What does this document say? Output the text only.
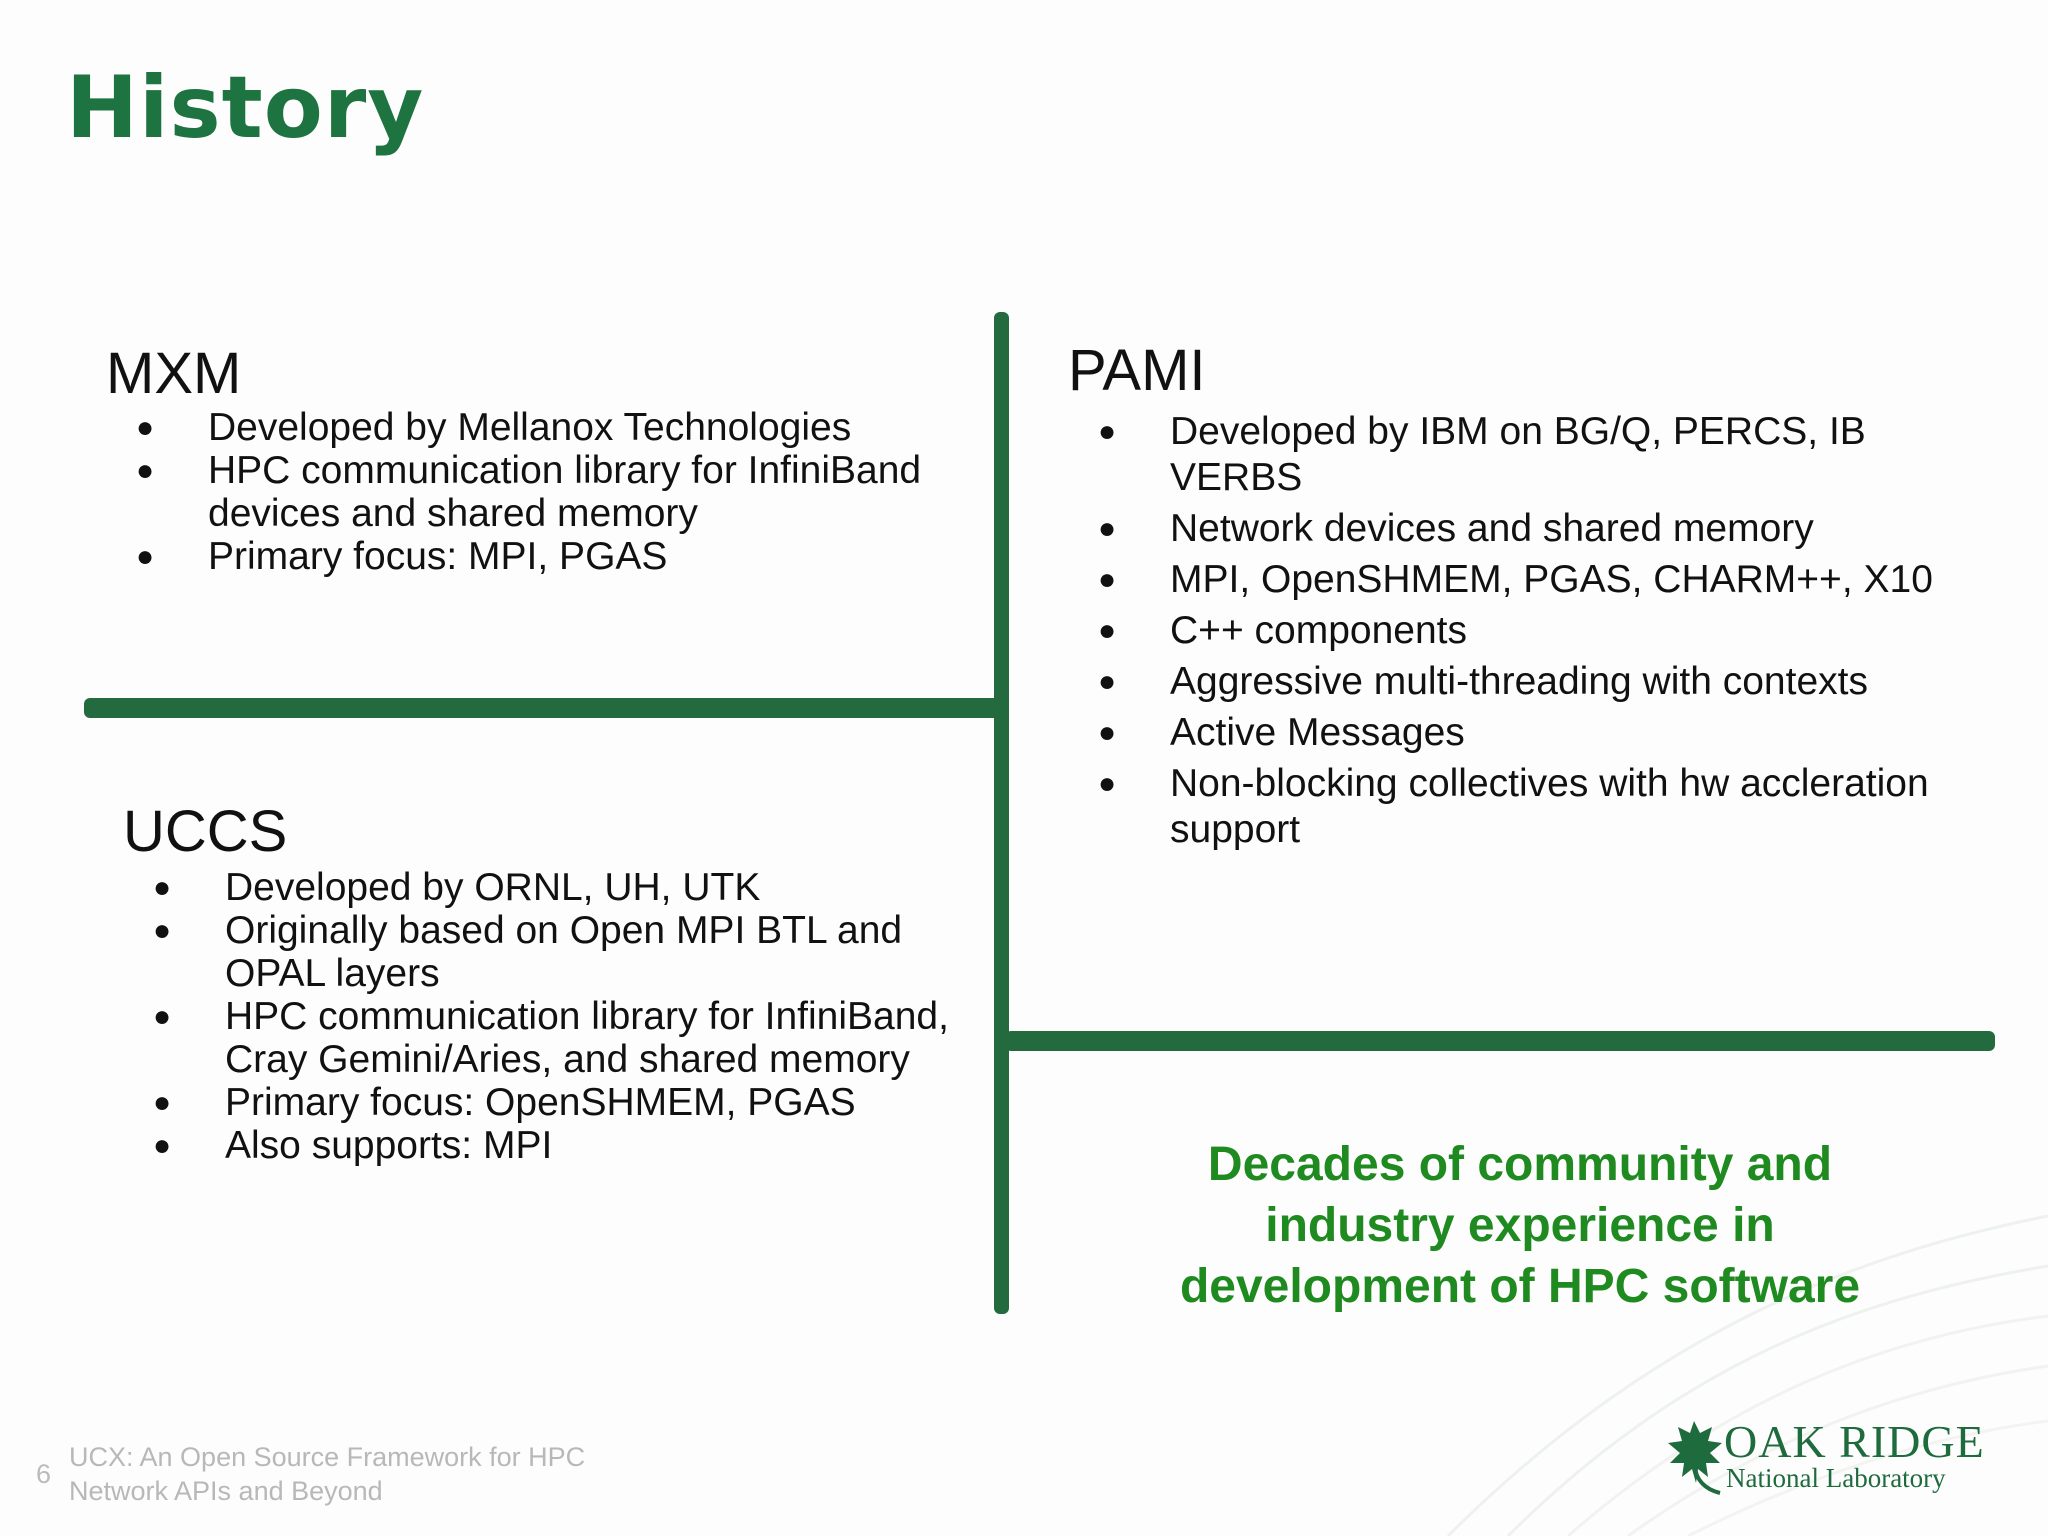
History
MXM
● Developed by Mellanox Technologies
● HPC communication library for InfiniBand devices and shared memory
● Primary focus: MPI, PGAS
PAMI
● Developed by IBM on BG/Q, PERCS, IB VERBS
● Network devices and shared memory
● MPI, OpenSHMEM, PGAS, CHARM++, X10
● C++ components
● Aggressive multi-threading with contexts
● Active Messages
● Non-blocking collectives with hw accleration support
UCCS
● Developed by ORNL, UH, UTK
● Originally based on Open MPI BTL and OPAL layers
● HPC communication library for InfiniBand, Cray Gemini/Aries, and shared memory
● Primary focus: OpenSHMEM, PGAS
● Also supports: MPI	Decades of community and
industry experience in
development of HPC software
6
UCX: An Open Source Framework for HPC
Network APIs and Beyond
OAK RIDGE
National Laboratory
